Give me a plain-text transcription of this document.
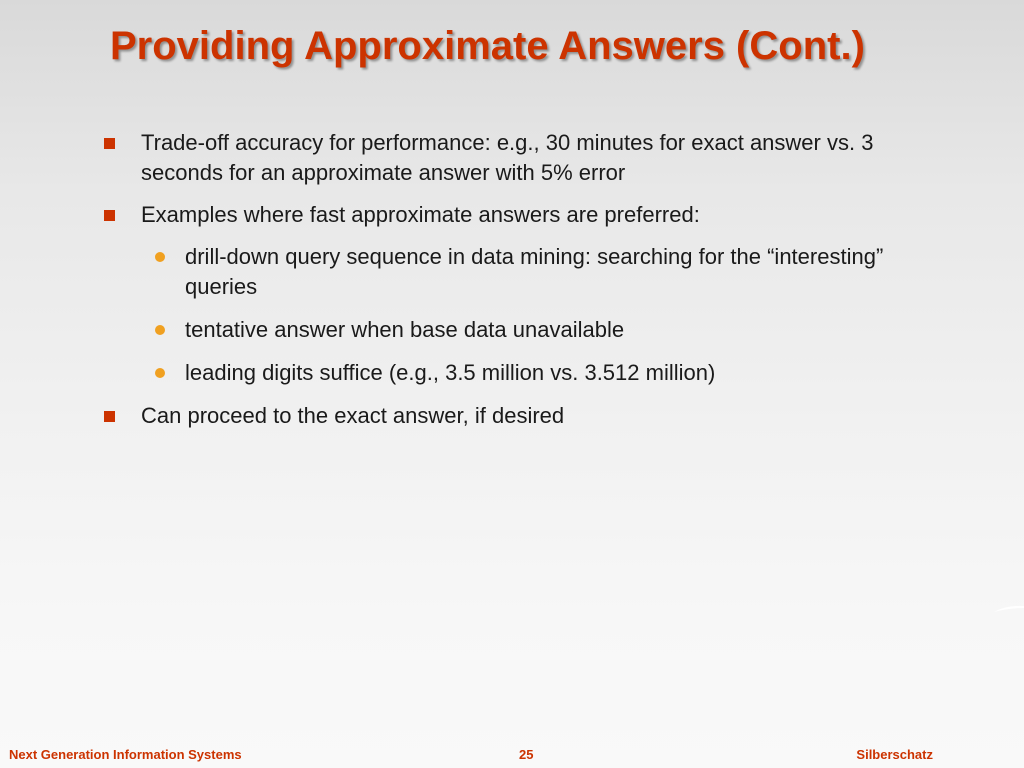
Providing Approximate Answers (Cont.)
Trade-off accuracy for performance: e.g., 30 minutes for exact answer vs. 3 seconds for an approximate answer with 5% error
Examples where fast approximate answers are preferred:
drill-down query sequence in data mining: searching for the “interesting” queries
tentative answer when base data unavailable
leading digits suffice (e.g., 3.5 million vs. 3.512 million)
Can proceed to the exact answer, if desired
Next Generation Information Systems	25	Silberschatz
